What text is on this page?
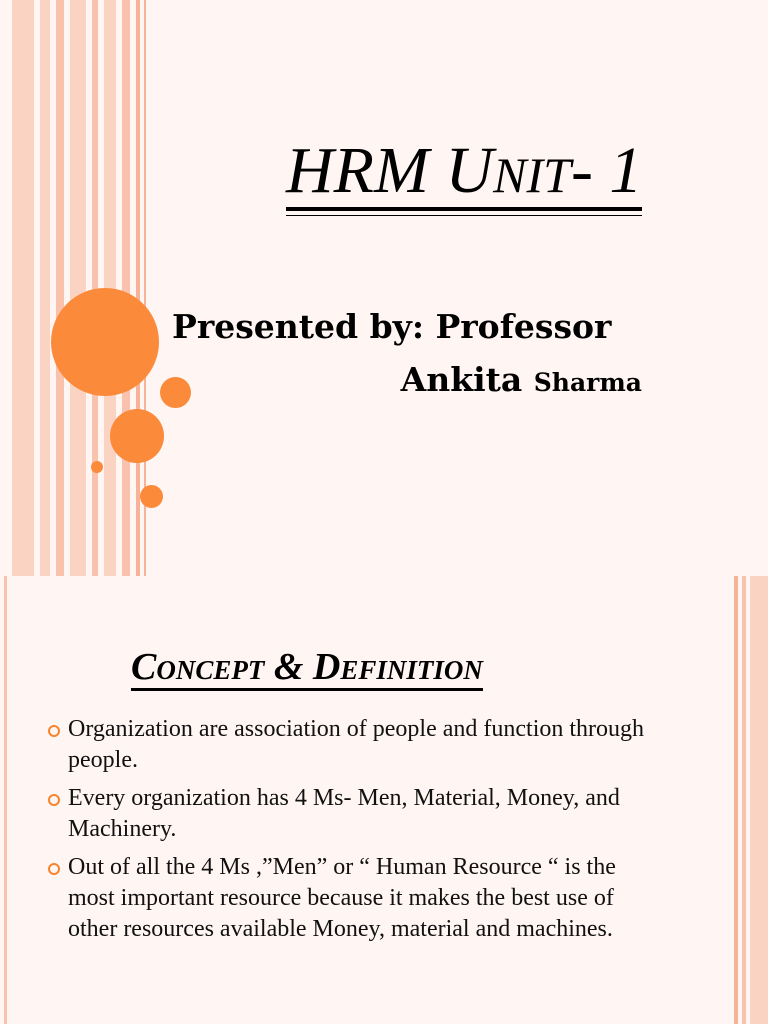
HRM UNIT- 1
Presented by: Professor
Ankita Sharma
CONCEPT & DEFINITION
Organization are association of people and function through people.
Every organization has 4 Ms- Men, Material, Money, and Machinery.
Out of all the 4 Ms ,”Men” or “ Human Resource “ is the most important resource because it makes the best use of other resources available Money, material and machines.
